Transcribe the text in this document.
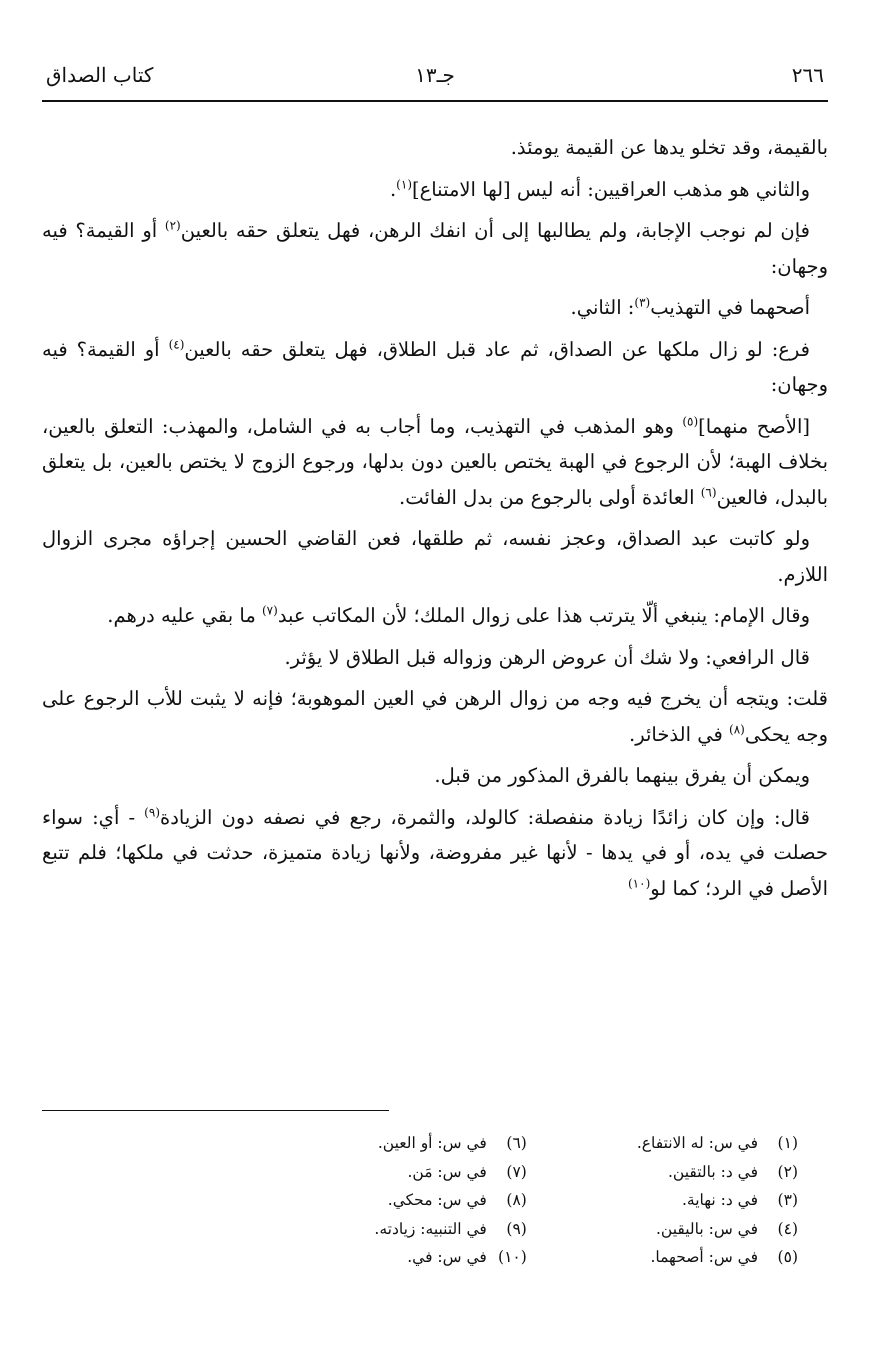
٢٦٦
جـ١٣
كتاب الصداق

بالقيمة، وقد تخلو يدها عن القيمة يومئذ.

والثاني هو مذهب العراقيين: أنه ليس [لها الامتناع]$^{(١)}$.

فإن لم نوجب الإجابة، ولم يطالبها إلى أن انفك الرهن، فهل يتعلق حقه بالعين$^{(٢)}$ أو القيمة؟ فيه وجهان:

أصحهما في التهذيب$^{(٣)}$: الثاني.

فرع: لو زال ملكها عن الصداق، ثم عاد قبل الطلاق، فهل يتعلق حقه بالعين$^{(٤)}$ أو القيمة؟ فيه وجهان:

[الأصح منهما]$^{(٥)}$ وهو المذهب في التهذيب، وما أجاب به في الشامل، والمهذب: التعلق بالعين، بخلاف الهبة؛ لأن الرجوع في الهبة يختص بالعين دون بدلها، ورجوع الزوج لا يختص بالعين، بل يتعلق بالبدل، فالعين$^{(٦)}$ العائدة أولى بالرجوع من بدل الفائت.

ولو كاتبت عبد الصداق، وعجز نفسه، ثم طلقها، فعن القاضي الحسين إجراؤه مجرى الزوال اللازم.

وقال الإمام: ينبغي ألّا يترتب هذا على زوال الملك؛ لأن المكاتب عبد$^{(٧)}$ ما بقي عليه درهم.

قال الرافعي: ولا شك أن عروض الرهن وزواله قبل الطلاق لا يؤثر.

قلت: ويتجه أن يخرج فيه وجه من زوال الرهن في العين الموهوبة؛ فإنه لا يثبت للأب الرجوع على وجه يحكى$^{(٨)}$ في الذخائر.

ويمكن أن يفرق بينهما بالفرق المذكور من قبل.

قال: وإن كان زائدًا زيادة منفصلة: كالولد، والثمرة، رجع في نصفه دون الزيادة$^{(٩)}$ - أي: سواء حصلت في يده، أو في يدها - لأنها غير مفروضة، ولأنها زيادة متميزة، حدثت في ملكها؛ فلم تتبع الأصل في الرد؛ كما لو$^{(١٠)}$

(١)في س: له الانتفاع.
(٢)في د: بالتقين.
(٣)في د: نهاية.
(٤)في س: باليقين.
(٥)في س: أصحهما.
(٦)في س: أو العين.
(٧)في س: مَن.
(٨)في س: محكي.
(٩)في التنبيه: زيادته.
(١٠)في س: في.
